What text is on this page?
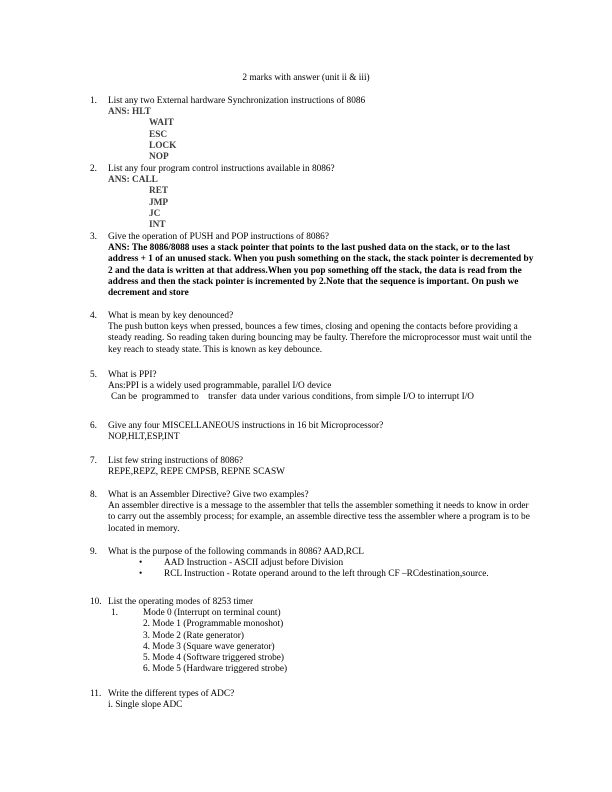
2 marks with answer (unit ii & iii)
1. List any two External hardware Synchronization instructions of 8086
ANS: HLT
WAIT
ESC
LOCK
NOP
2. List any four program control instructions available in 8086?
ANS: CALL
RET
JMP
JC
INT
3. Give the operation of PUSH and POP instructions of 8086?
ANS: The 8086/8088 uses a stack pointer that points to the last pushed data on the stack, or to the last address + 1 of an unused stack. When you push something on the stack, the stack pointer is decremented by 2 and the data is written at that address.When you pop something off the stack, the data is read from the address and then the stack pointer is incremented by 2.Note that the sequence is important. On push we decrement and store
4. What is mean by key denounced?
The push button keys when pressed, bounces a few times, closing and opening the contacts before providing a steady reading. So reading taken during bouncing may be faulty. Therefore the microprocessor must wait until the key reach to steady state. This is known as key debounce.
5. What is PPI?
Ans:PPI is a widely used programmable, parallel I/O device
Can be  programmed to    transfer  data under various conditions, from simple I/O to interrupt I/O
6. Give any four MISCELLANEOUS instructions in 16 bit Microprocessor?
NOP,HLT,ESP,INT
7. List few string instructions of 8086?
REPE,REPZ, REPE CMPSB, REPNE SCASW
8. What is an Assembler Directive? Give two examples?
An assembler directive is a message to the assembler that tells the assembler something it needs to know in order to carry out the assembly process; for example, an assemble directive tess the assembler where a program is to be located in memory.
9. What is the purpose of the following commands in 8086? AAD,RCL
• AAD Instruction - ASCII adjust before Division
• RCL Instruction - Rotate operand around to the left through CF –RCdestination,source.
10. List the operating modes of 8253 timer
1.	Mode 0 (Interrupt on terminal count)
2. Mode 1 (Programmable monoshot)
3. Mode 2 (Rate generator)
4. Mode 3 (Square wave generator)
5. Mode 4 (Software triggered strobe)
6. Mode 5 (Hardware triggered strobe)
11. Write the different types of ADC?
i. Single slope ADC
